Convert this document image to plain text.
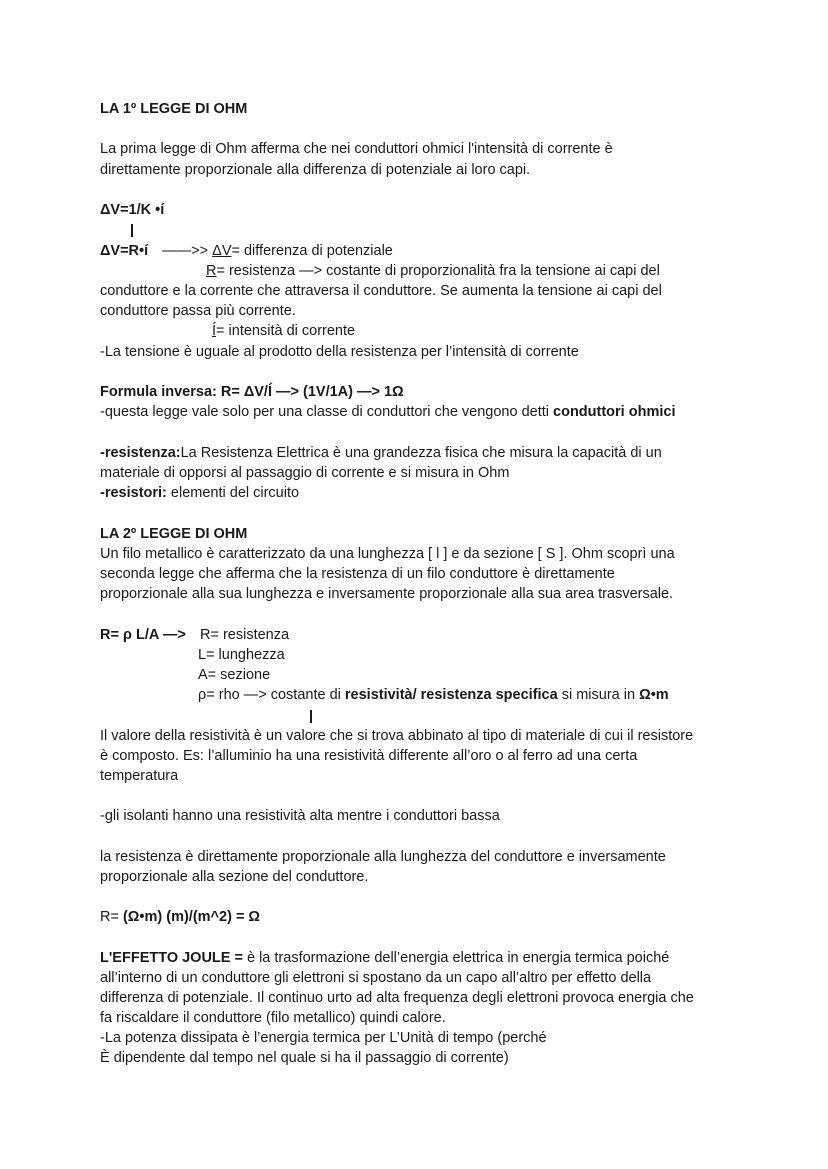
LA 1º LEGGE DI OHM
La prima legge di Ohm afferma che nei conduttori ohmici l'intensità di corrente è
direttamente proporzionale alla differenza di potenziale ai loro capi.
ΔV=1/K •í
ΔV=R•í ——>> ΔV= differenza di potenziale
R= resistenza —> costante di proporzionalità fra la tensione ai capi del
conduttore e la corrente che attraversa il conduttore. Se aumenta la tensione ai capi del
conduttore passa più corrente.
Í= intensità di corrente
-La tensione è uguale al prodotto della resistenza per l’intensità di corrente
Formula inversa: R= ΔV/Í —> (1V/1A) —> 1Ω
-questa legge vale solo per una classe di conduttori che vengono detti conduttori ohmici
-resistenza:La Resistenza Elettrica è una grandezza fisica che misura la capacità di un
materiale di opporsi al passaggio di corrente e si misura in Ohm
-resistori: elementi del circuito
LA 2º LEGGE DI OHM
Un filo metallico è caratterizzato da una lunghezza [ l ] e da sezione [ S ]. Ohm scoprì una
seconda legge che afferma che la resistenza di un filo conduttore è direttamente
proporzionale alla sua lunghezza e inversamente proporzionale alla sua area trasversale.
R= ρ L/A —> R= resistenza
L= lunghezza
A= sezione
ρ= rho —> costante di resistività/ resistenza specifica si misura in Ω•m
Il valore della resistività è un valore che si trova abbinato al tipo di materiale di cui il resistore
è composto. Es: l’alluminio ha una resistività differente all’oro o al ferro ad una certa
temperatura
-gli isolanti hanno una resistività alta mentre i conduttori bassa
la resistenza è direttamente proporzionale alla lunghezza del conduttore e inversamente
proporzionale alla sezione del conduttore.
R= (Ω•m) (m)/(m^2) = Ω
L'EFFETTO JOULE = è la trasformazione dell’energia elettrica in energia termica poiché
all’interno di un conduttore gli elettroni si spostano da un capo all’altro per effetto della
differenza di potenziale. Il continuo urto ad alta frequenza degli elettroni provoca energia che
fa riscaldare il conduttore (filo metallico) quindi calore.
-La potenza dissipata è l’energia termica per L’Unità di tempo (perché
È dipendente dal tempo nel quale si ha il passaggio di corrente)
